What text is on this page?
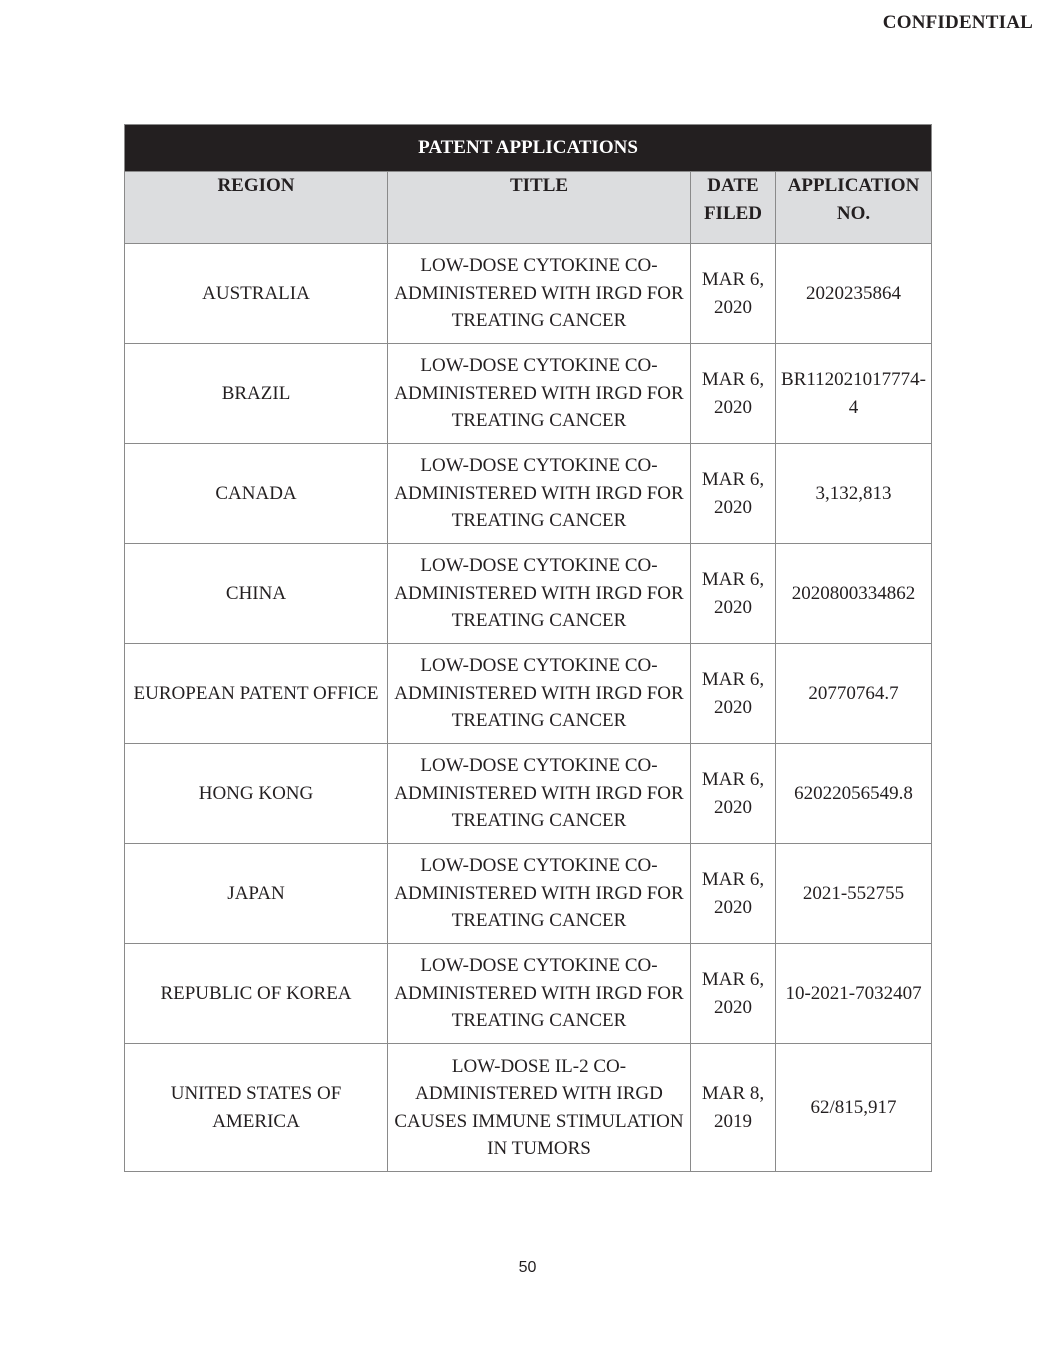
CONFIDENTIAL
PATENT APPLICATIONS			

REGION	TITLE	DATE FILED	APPLICATION NO.
AUSTRALIA	LOW-DOSE CYTOKINE CO-ADMINISTERED WITH IRGD FOR TREATING CANCER	MAR 6, 2020	2020235864
BRAZIL	LOW-DOSE CYTOKINE CO-ADMINISTERED WITH IRGD FOR TREATING CANCER	MAR 6, 2020	BR112021017774-4
CANADA	LOW-DOSE CYTOKINE CO-ADMINISTERED WITH IRGD FOR TREATING CANCER	MAR 6, 2020	3,132,813
CHINA	LOW-DOSE CYTOKINE CO-ADMINISTERED WITH IRGD FOR TREATING CANCER	MAR 6, 2020	2020800334862
EUROPEAN PATENT OFFICE	LOW-DOSE CYTOKINE CO-ADMINISTERED WITH IRGD FOR TREATING CANCER	MAR 6, 2020	20770764.7
HONG KONG	LOW-DOSE CYTOKINE CO-ADMINISTERED WITH IRGD FOR TREATING CANCER	MAR 6, 2020	62022056549.8
JAPAN	LOW-DOSE CYTOKINE CO-ADMINISTERED WITH IRGD FOR TREATING CANCER	MAR 6, 2020	2021-552755
REPUBLIC OF KOREA	LOW-DOSE CYTOKINE CO-ADMINISTERED WITH IRGD FOR TREATING CANCER	MAR 6, 2020	10-2021-7032407
UNITED STATES OF AMERICA	LOW-DOSE IL-2 CO-ADMINISTERED WITH IRGD CAUSES IMMUNE STIMULATION IN TUMORS	MAR 8, 2019	62/815,917
50
